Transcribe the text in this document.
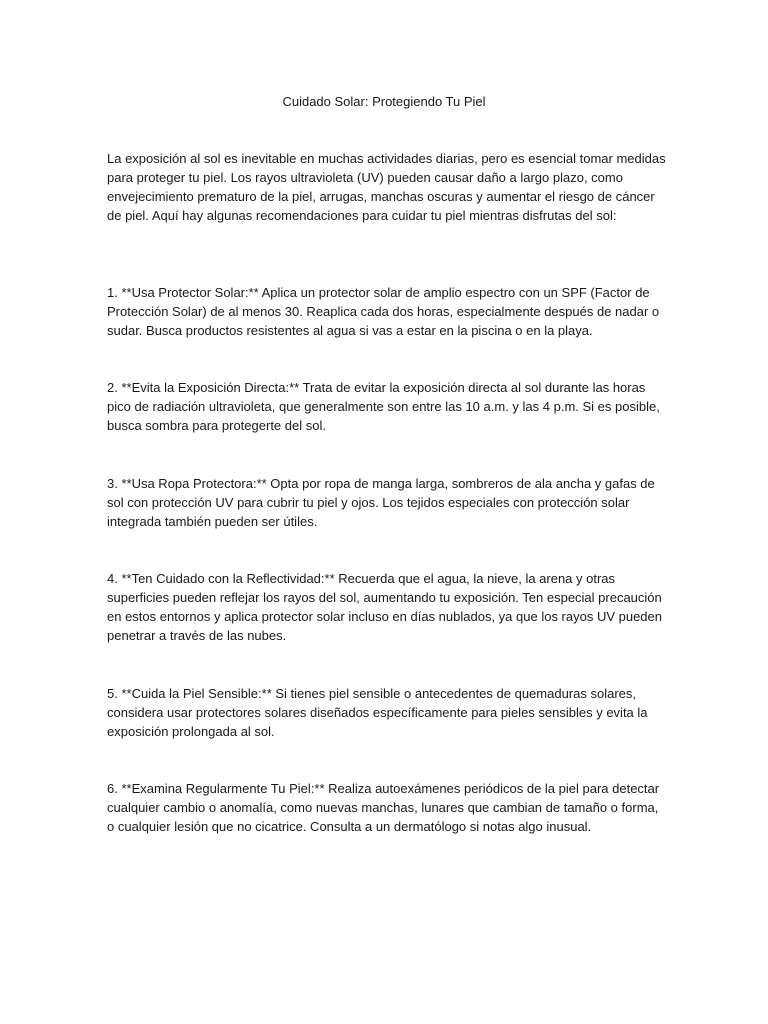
Cuidado Solar: Protegiendo Tu Piel

La exposición al sol es inevitable en muchas actividades diarias, pero es esencial tomar medidas para proteger tu piel. Los rayos ultravioleta (UV) pueden causar daño a largo plazo, como envejecimiento prematuro de la piel, arrugas, manchas oscuras y aumentar el riesgo de cáncer de piel. Aquí hay algunas recomendaciones para cuidar tu piel mientras disfrutas del sol:

1. **Usa Protector Solar:** Aplica un protector solar de amplio espectro con un SPF (Factor de Protección Solar) de al menos 30. Reaplica cada dos horas, especialmente después de nadar o sudar. Busca productos resistentes al agua si vas a estar en la piscina o en la playa.

2. **Evita la Exposición Directa:** Trata de evitar la exposición directa al sol durante las horas pico de radiación ultravioleta, que generalmente son entre las 10 a.m. y las 4 p.m. Si es posible, busca sombra para protegerte del sol.

3. **Usa Ropa Protectora:** Opta por ropa de manga larga, sombreros de ala ancha y gafas de sol con protección UV para cubrir tu piel y ojos. Los tejidos especiales con protección solar integrada también pueden ser útiles.

4. **Ten Cuidado con la Reflectividad:** Recuerda que el agua, la nieve, la arena y otras superficies pueden reflejar los rayos del sol, aumentando tu exposición. Ten especial precaución en estos entornos y aplica protector solar incluso en días nublados, ya que los rayos UV pueden penetrar a través de las nubes.

5. **Cuida la Piel Sensible:** Si tienes piel sensible o antecedentes de quemaduras solares, considera usar protectores solares diseñados específicamente para pieles sensibles y evita la exposición prolongada al sol.

6. **Examina Regularmente Tu Piel:** Realiza autoexámenes periódicos de la piel para detectar cualquier cambio o anomalía, como nuevas manchas, lunares que cambian de tamaño o forma, o cualquier lesión que no cicatrice. Consulta a un dermatólogo si notas algo inusual.
